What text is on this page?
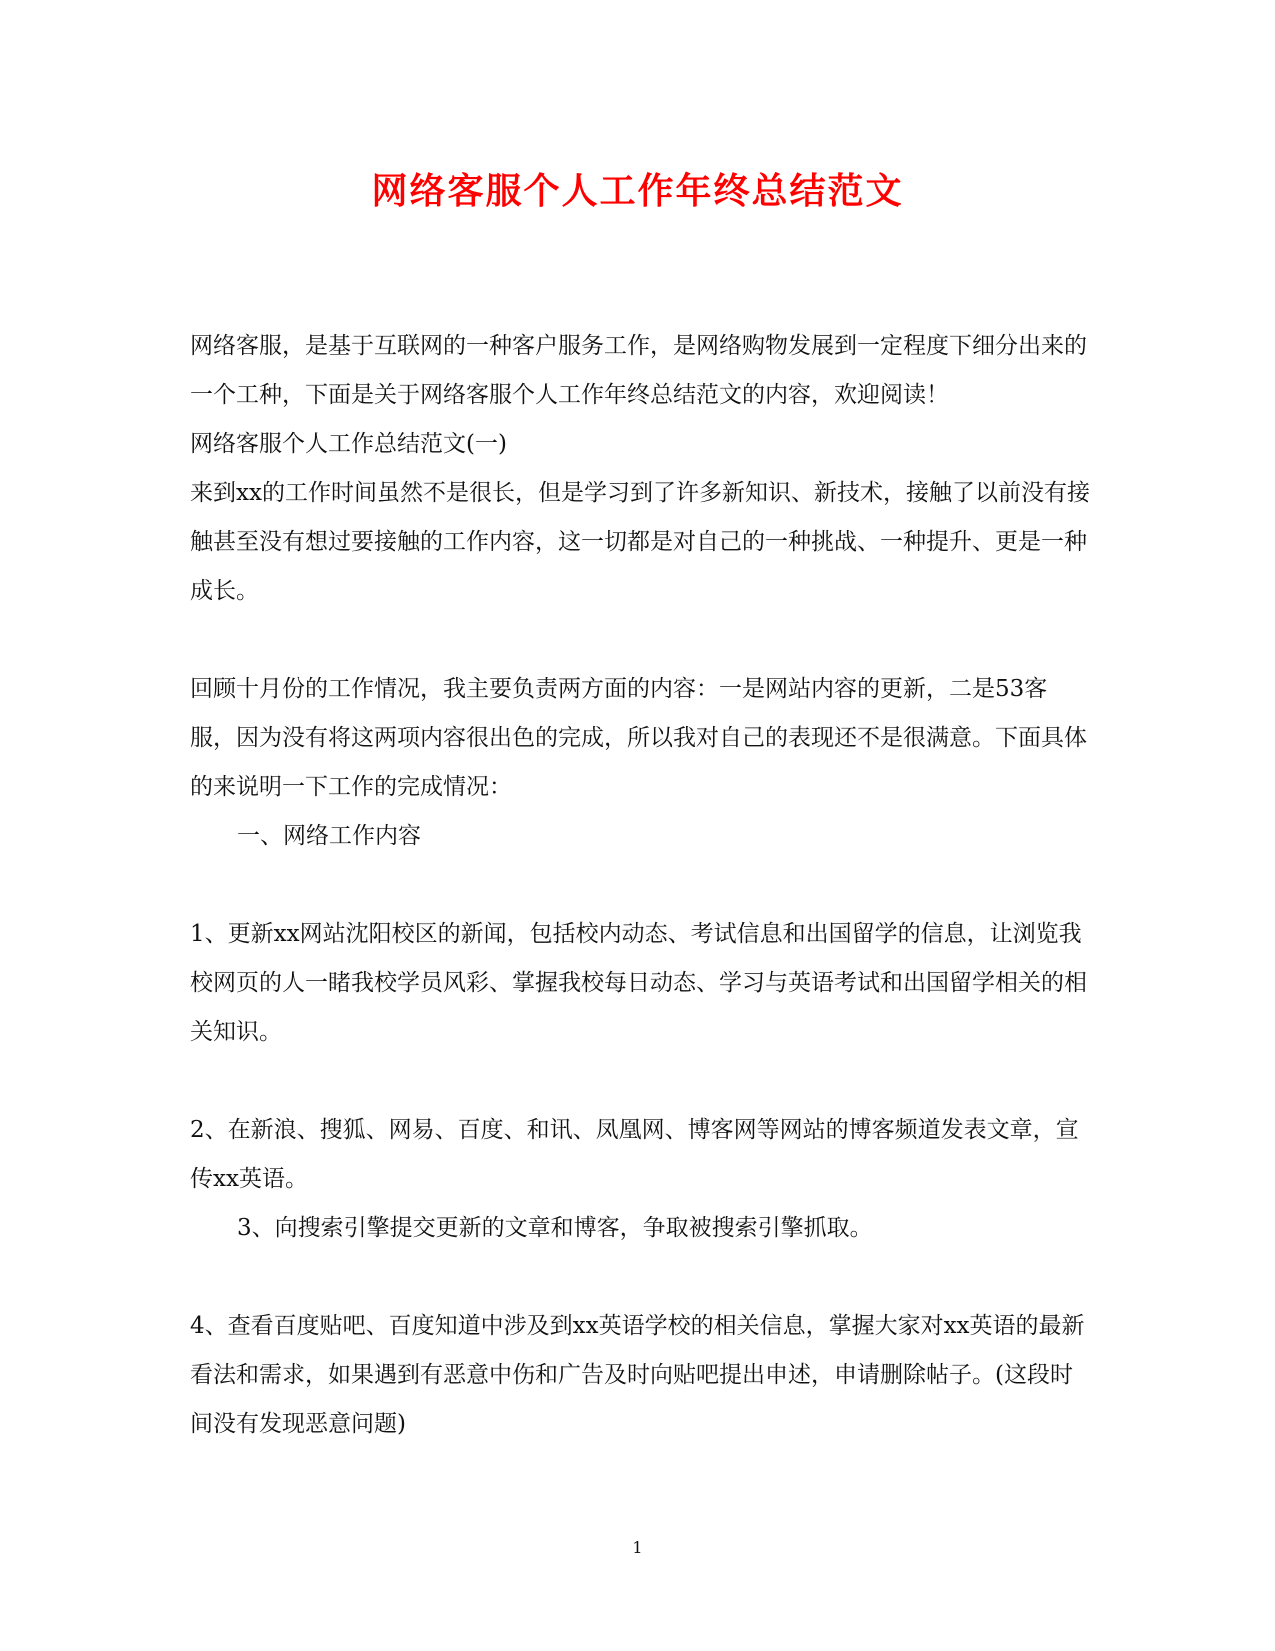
网络客服个人工作年终总结范文

网络客服，是基于互联网的一种客户服务工作，是网络购物发展到一定程度下细分出来的一个工种，下面是关于网络客服个人工作年终总结范文的内容，欢迎阅读！

网络客服个人工作总结范文(一)

来到xx的工作时间虽然不是很长，但是学习到了许多新知识、新技术，接触了以前没有接触甚至没有想过要接触的工作内容，这一切都是对自己的一种挑战、一种提升、更是一种成长。

回顾十月份的工作情况，我主要负责两方面的内容：一是网站内容的更新，二是53客服，因为没有将这两项内容很出色的完成，所以我对自己的表现还不是很满意。下面具体的来说明一下工作的完成情况：

一、网络工作内容

1、更新xx网站沈阳校区的新闻，包括校内动态、考试信息和出国留学的信息，让浏览我校网页的人一睹我校学员风彩、掌握我校每日动态、学习与英语考试和出国留学相关的相关知识。

2、在新浪、搜狐、网易、百度、和讯、凤凰网、博客网等网站的博客频道发表文章，宣传xx英语。

3、向搜索引擎提交更新的文章和博客，争取被搜索引擎抓取。

4、查看百度贴吧、百度知道中涉及到xx英语学校的相关信息，掌握大家对xx英语的最新看法和需求，如果遇到有恶意中伤和广告及时向贴吧提出申述，申请删除帖子。(这段时间没有发现恶意问题)

1
